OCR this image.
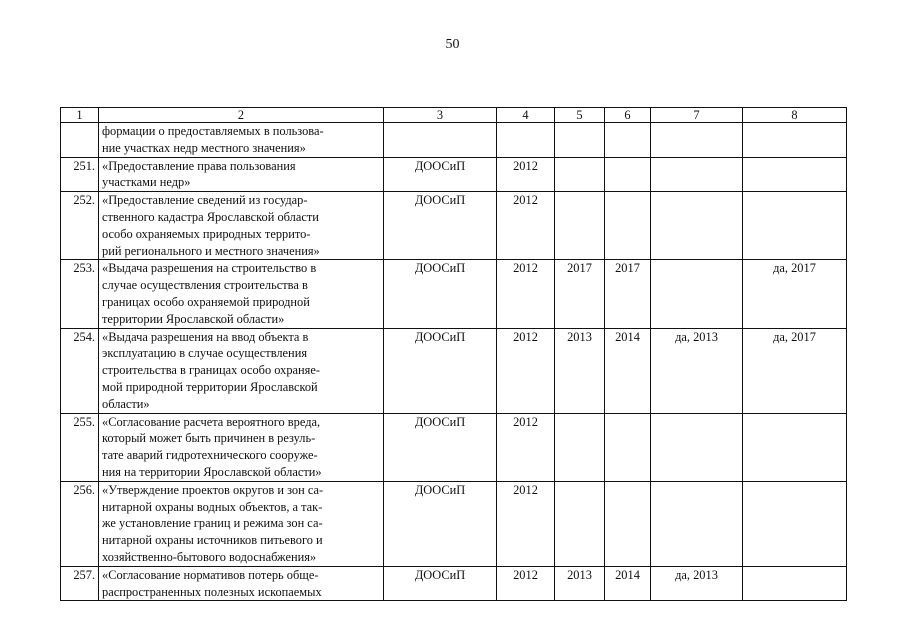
50
1	2	3	4	5	6	7	8
	формации о предоставляемых в пользова-
ние участках недр местного значения»						
251.	«Предоставление права пользования
участками недр»	ДООСиП	2012				
252.	«Предоставление сведений из государ-
ственного кадастра Ярославской области
особо охраняемых природных террито-
рий регионального и местного значения»	ДООСиП	2012				
253.	«Выдача разрешения на строительство в
случае осуществления строительства в
границах особо охраняемой природной
территории Ярославской области»	ДООСиП	2012	2017	2017		да, 2017
254.	«Выдача разрешения на ввод объекта в
эксплуатацию в случае осуществления
строительства в границах особо охраняе-
мой природной территории Ярославской
области»	ДООСиП	2012	2013	2014	да, 2013	да, 2017
255.	«Согласование расчета вероятного вреда,
который может быть причинен в резуль-
тате аварий гидротехнического сооруже-
ния на территории Ярославской области»	ДООСиП	2012				
256.	«Утверждение проектов округов и зон са-
нитарной охраны водных объектов, а так-
же установление границ и режима зон са-
нитарной охраны источников питьевого и
хозяйственно-бытового водоснабжения»	ДООСиП	2012				
257.	«Согласование нормативов потерь обще-
распространенных полезных ископаемых	ДООСиП	2012	2013	2014	да, 2013	
